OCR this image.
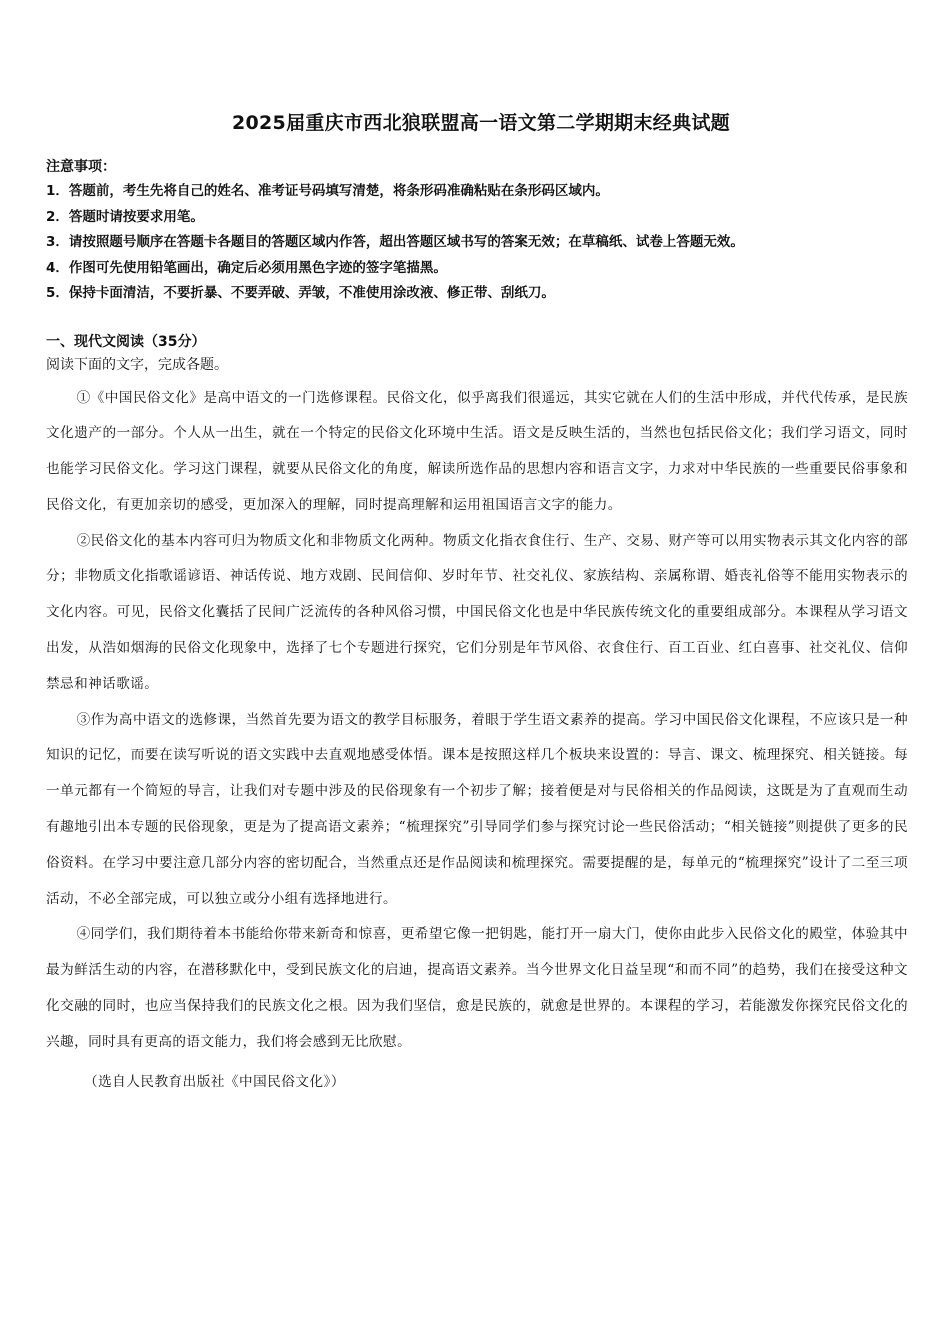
2025届重庆市西北狼联盟高一语文第二学期期末经典试题

注意事项：

1．答题前，考生先将自己的姓名、准考证号码填写清楚，将条形码准确粘贴在条形码区域内。
2．答题时请按要求用笔。
3．请按照题号顺序在答题卡各题目的答题区域内作答，超出答题区域书写的答案无效；在草稿纸、试卷上答题无效。
4．作图可先使用铅笔画出，确定后必须用黑色字迹的签字笔描黑。
5．保持卡面清洁，不要折暴、不要弄破、弄皱，不准使用涂改液、修正带、刮纸刀。

一、现代文阅读（35分）

阅读下面的文字，完成各题。

①《中国民俗文化》是高中语文的一门选修课程。民俗文化，似乎离我们很遥远，其实它就在人们的生活中形成，并代代传承，是民族文化遗产的一部分。个人从一出生，就在一个特定的民俗文化环境中生活。语文是反映生活的，当然也包括民俗文化；我们学习语文，同时也能学习民俗文化。学习这门课程，就要从民俗文化的角度，解读所选作品的思想内容和语言文字，力求对中华民族的一些重要民俗事象和民俗文化，有更加亲切的感受，更加深入的理解，同时提高理解和运用祖国语言文字的能力。

②民俗文化的基本内容可归为物质文化和非物质文化两种。物质文化指衣食住行、生产、交易、财产等可以用实物表示其文化内容的部分；非物质文化指歌谣谚语、神话传说、地方戏剧、民间信仰、岁时年节、社交礼仪、家族结构、亲属称谓、婚丧礼俗等不能用实物表示的文化内容。可见，民俗文化囊括了民间广泛流传的各种风俗习惯，中国民俗文化也是中华民族传统文化的重要组成部分。本课程从学习语文出发，从浩如烟海的民俗文化现象中，选择了七个专题进行探究，它们分别是年节风俗、衣食住行、百工百业、红白喜事、社交礼仪、信仰禁忌和神话歌谣。

③作为高中语文的选修课，当然首先要为语文的教学目标服务，着眼于学生语文素养的提高。学习中国民俗文化课程，不应该只是一种知识的记忆，而要在读写听说的语文实践中去直观地感受体悟。课本是按照这样几个板块来设置的：导言、课文、梳理探究、相关链接。每一单元都有一个简短的导言，让我们对专题中涉及的民俗现象有一个初步了解；接着便是对与民俗相关的作品阅读，这既是为了直观而生动有趣地引出本专题的民俗现象，更是为了提高语文素养；“梳理探究”引导同学们参与探究讨论一些民俗活动；“相关链接”则提供了更多的民俗资料。在学习中要注意几部分内容的密切配合，当然重点还是作品阅读和梳理探究。需要提醒的是，每单元的“梳理探究”设计了二至三项活动，不必全部完成，可以独立或分小组有选择地进行。

④同学们，我们期待着本书能给你带来新奇和惊喜，更希望它像一把钥匙，能打开一扇大门，使你由此步入民俗文化的殿堂，体验其中最为鲜活生动的内容，在潜移默化中，受到民族文化的启迪，提高语文素养。当今世界文化日益呈现“和而不同”的趋势，我们在接受这种文化交融的同时，也应当保持我们的民族文化之根。因为我们坚信，愈是民族的，就愈是世界的。本课程的学习，若能激发你探究民俗文化的兴趣，同时具有更高的语文能力，我们将会感到无比欣慰。

（选自人民教育出版社《中国民俗文化》）
